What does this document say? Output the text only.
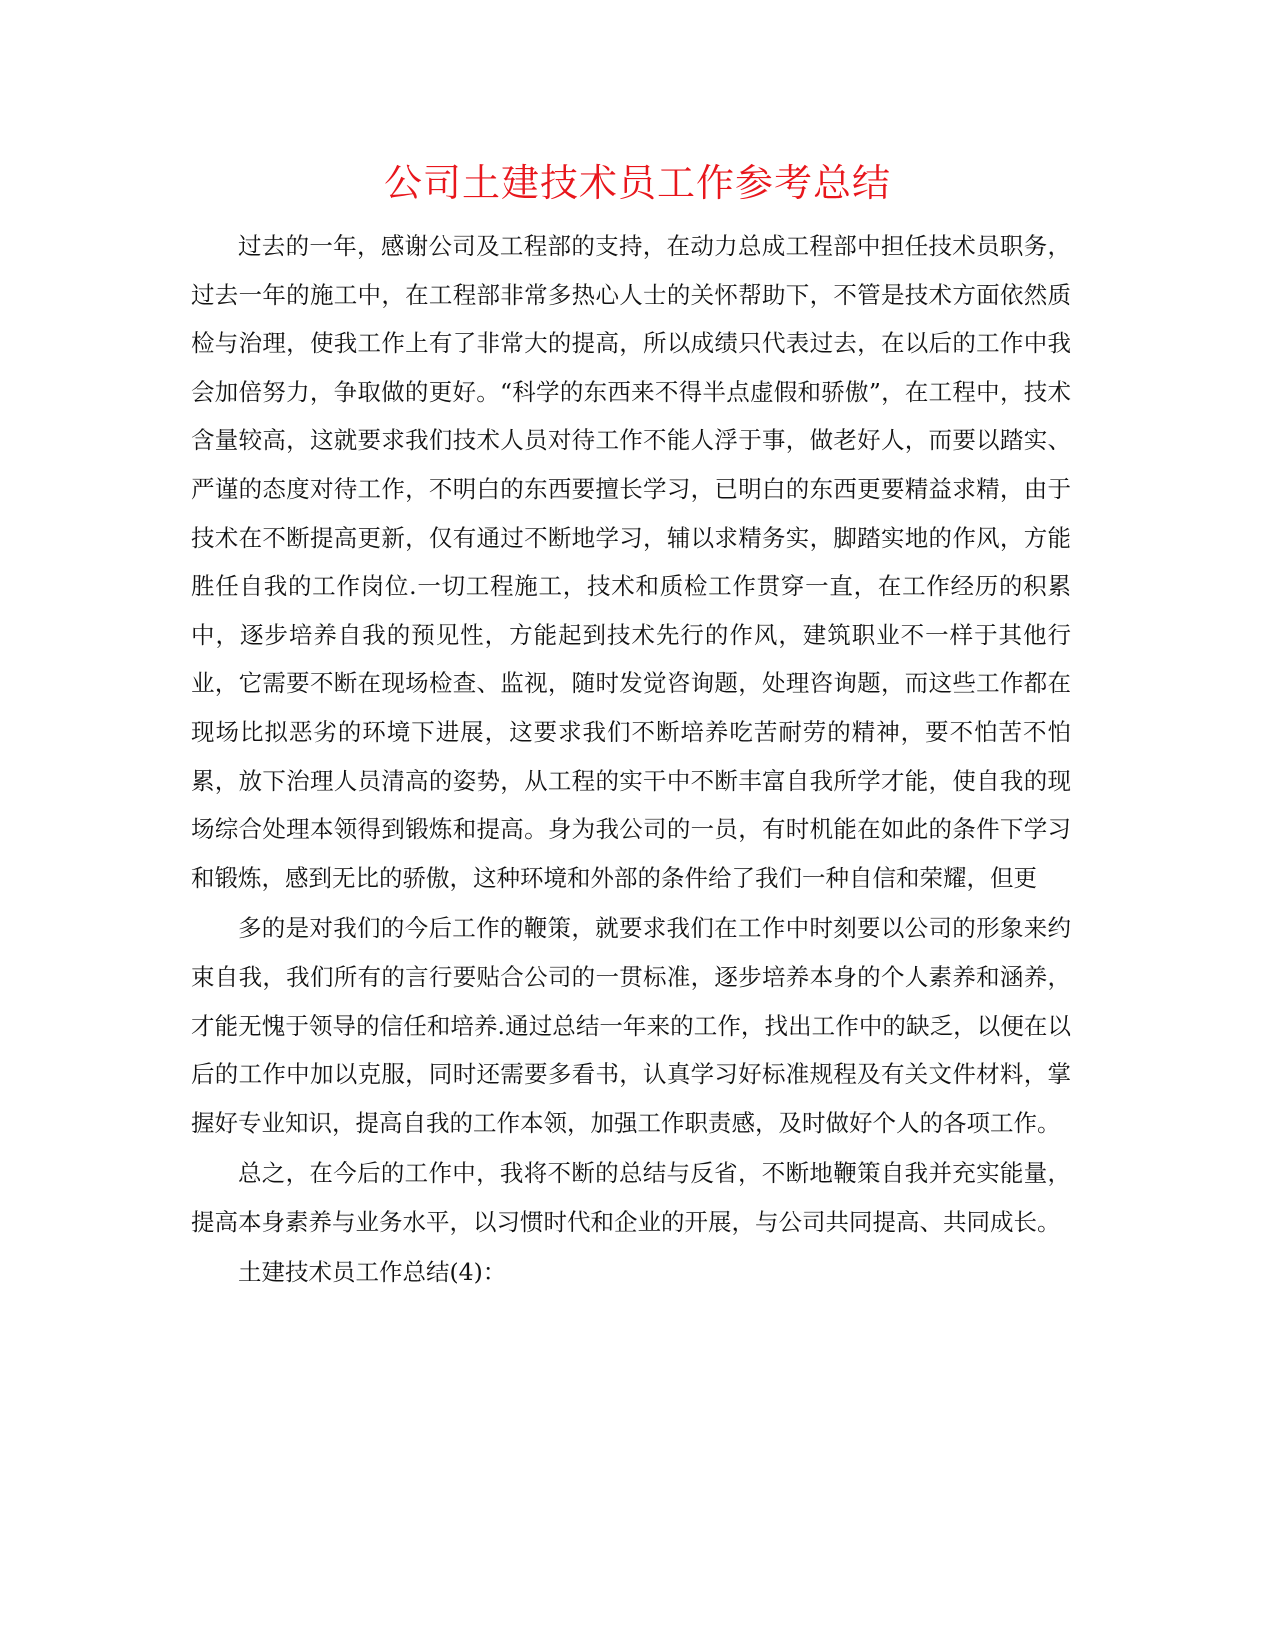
公司土建技术员工作参考总结

过去的一年，感谢公司及工程部的支持，在动力总成工程部中担任技术员职务，过去一年的施工中，在工程部非常多热心人士的关怀帮助下，不管是技术方面依然质检与治理，使我工作上有了非常大的提高，所以成绩只代表过去，在以后的工作中我会加倍努力，争取做的更好。“科学的东西来不得半点虚假和骄傲”，在工程中，技术含量较高，这就要求我们技术人员对待工作不能人浮于事，做老好人，而要以踏实、严谨的态度对待工作，不明白的东西要擅长学习，已明白的东西更要精益求精，由于技术在不断提高更新，仅有通过不断地学习，辅以求精务实，脚踏实地的作风，方能胜任自我的工作岗位.一切工程施工，技术和质检工作贯穿一直，在工作经历的积累中，逐步培养自我的预见性，方能起到技术先行的作风，建筑职业不一样于其他行业，它需要不断在现场检查、监视，随时发觉咨询题，处理咨询题，而这些工作都在现场比拟恶劣的环境下进展，这要求我们不断培养吃苦耐劳的精神，要不怕苦不怕累，放下治理人员清高的姿势，从工程的实干中不断丰富自我所学才能，使自我的现场综合处理本领得到锻炼和提高。身为我公司的一员，有时机能在如此的条件下学习和锻炼，感到无比的骄傲，这种环境和外部的条件给了我们一种自信和荣耀，但更

多的是对我们的今后工作的鞭策，就要求我们在工作中时刻要以公司的形象来约束自我，我们所有的言行要贴合公司的一贯标准，逐步培养本身的个人素养和涵养，才能无愧于领导的信任和培养.通过总结一年来的工作，找出工作中的缺乏，以便在以后的工作中加以克服，同时还需要多看书，认真学习好标准规程及有关文件材料，掌握好专业知识，提高自我的工作本领，加强工作职责感，及时做好个人的各项工作。

总之，在今后的工作中，我将不断的总结与反省，不断地鞭策自我并充实能量，提高本身素养与业务水平，以习惯时代和企业的开展，与公司共同提高、共同成长。

土建技术员工作总结(4)：
